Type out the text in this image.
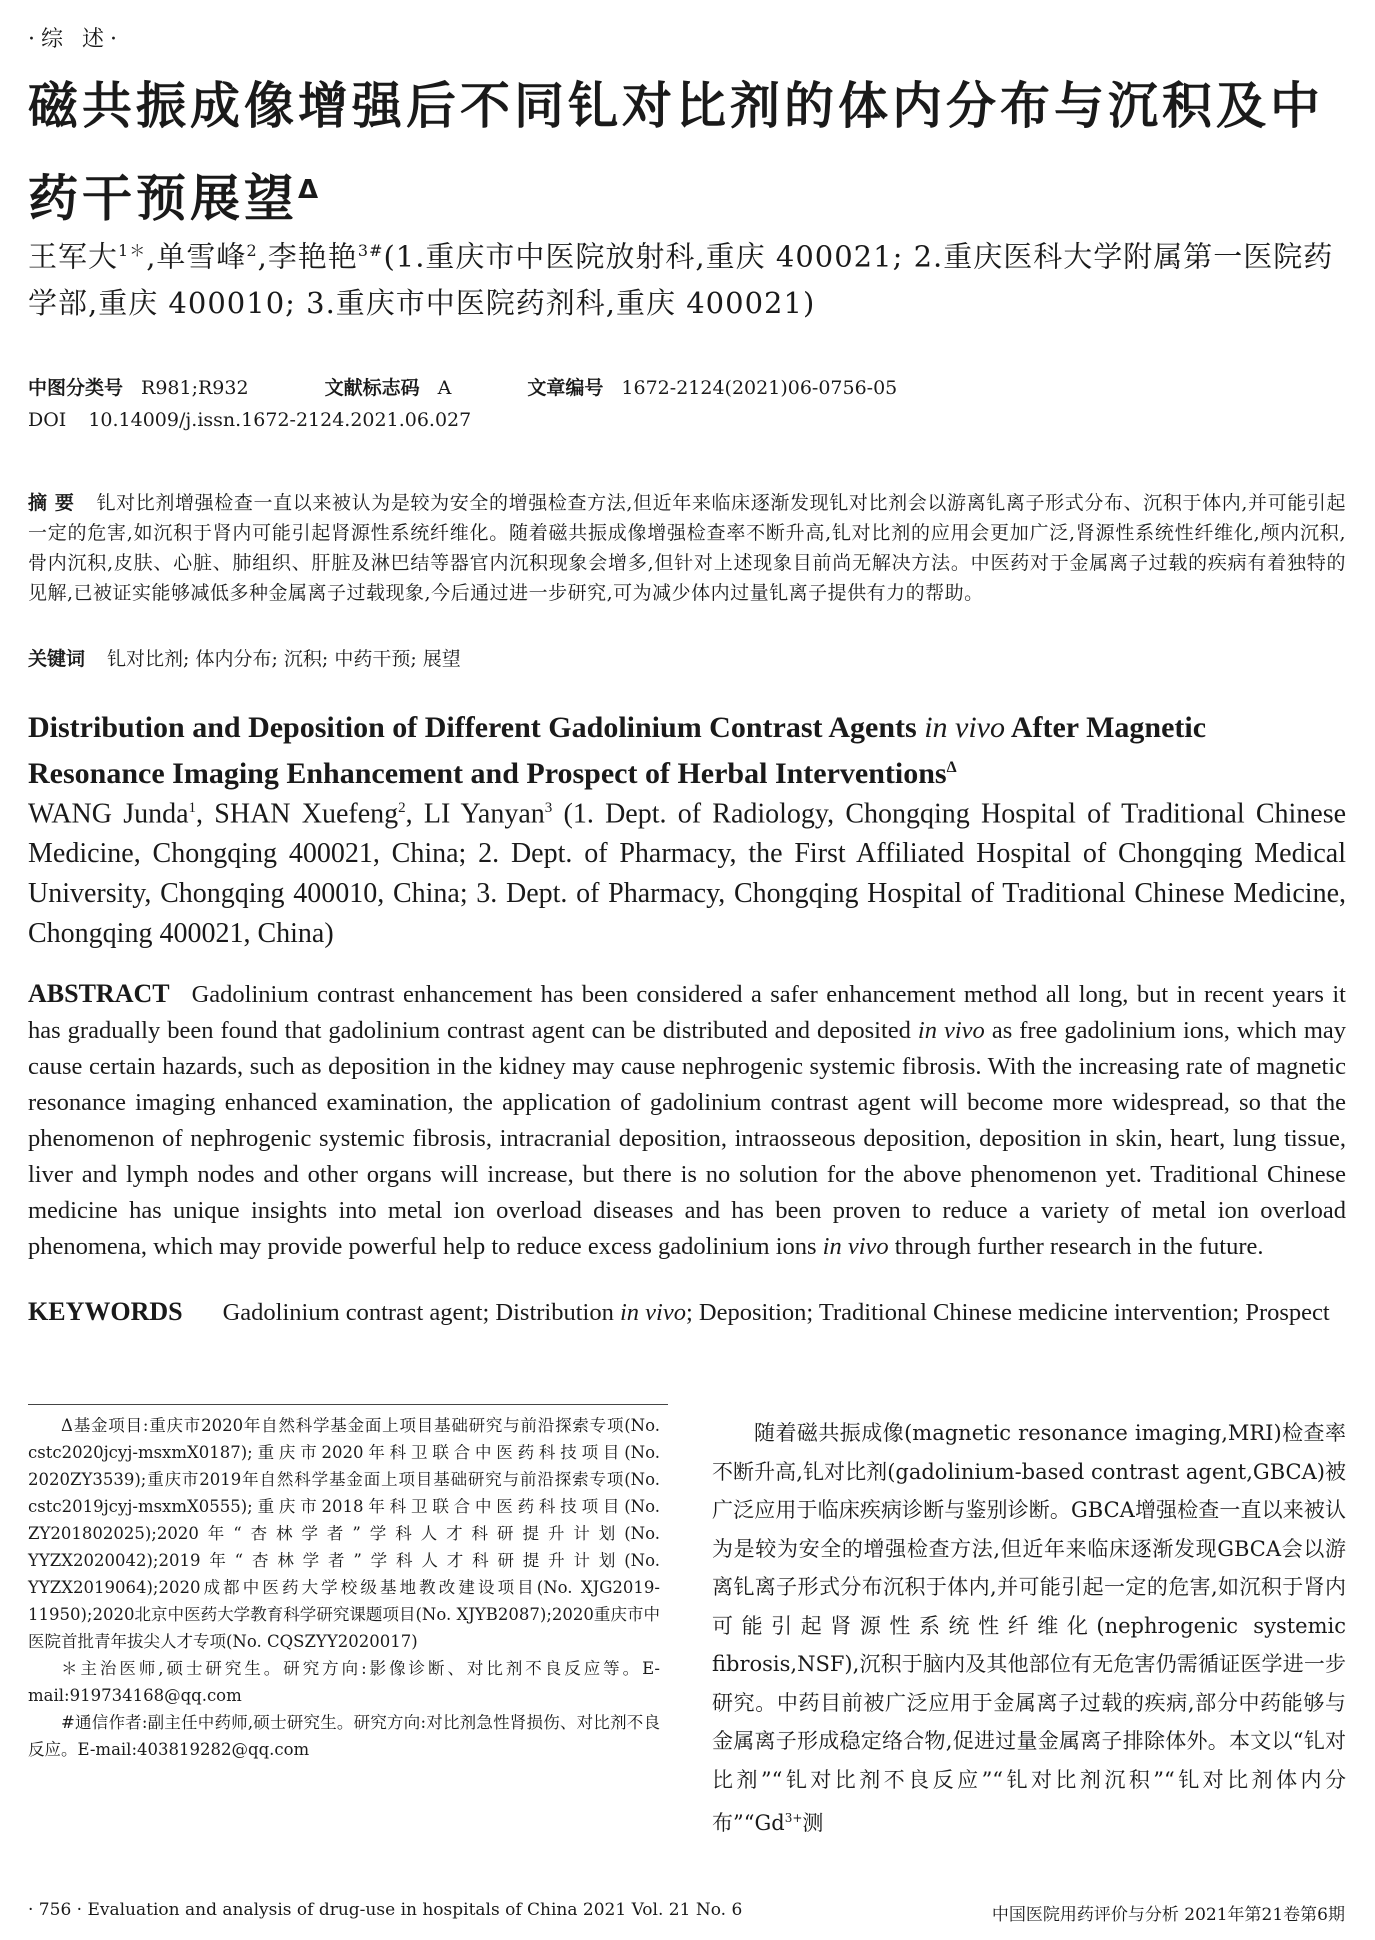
·综 述·
磁共振成像增强后不同钆对比剂的体内分布与沉积及中药干预展望$^\Delta$
王军大$^{1*}$,单雪峰$^2$,李艳艳$^{3\#}$(1.重庆市中医院放射科,重庆 400021; 2.重庆医科大学附属第一医院药学部,重庆 400010; 3.重庆市中医院药剂科,重庆 400021)
中图分类号 R981;R932	文献标志码 A	文章编号 1672-2124(2021)06-0756-05
DOI 10.14009/j.issn.1672-2124.2021.06.027
摘 要 钆对比剂增强检查一直以来被认为是较为安全的增强检查方法,但近年来临床逐渐发现钆对比剂会以游离钆离子形式分布、沉积于体内,并可能引起一定的危害,如沉积于肾内可能引起肾源性系统纤维化。随着磁共振成像增强检查率不断升高,钆对比剂的应用会更加广泛,肾源性系统性纤维化,颅内沉积,骨内沉积,皮肤、心脏、肺组织、肝脏及淋巴结等器官内沉积现象会增多,但针对上述现象目前尚无解决方法。中医药对于金属离子过载的疾病有着独特的见解,已被证实能够减低多种金属离子过载现象,今后通过进一步研究,可为减少体内过量钆离子提供有力的帮助。
关键词 钆对比剂; 体内分布; 沉积; 中药干预; 展望
Distribution and Deposition of Different Gadolinium Contrast Agents in vivo After Magnetic Resonance Imaging Enhancement and Prospect of Herbal Interventions$^\Delta$
WANG Junda$^1$, SHAN Xuefeng$^2$, LI Yanyan$^3$ (1. Dept. of Radiology, Chongqing Hospital of Traditional Chinese Medicine, Chongqing 400021, China; 2. Dept. of Pharmacy, the First Affiliated Hospital of Chongqing Medical University, Chongqing 400010, China; 3. Dept. of Pharmacy, Chongqing Hospital of Traditional Chinese Medicine, Chongqing 400021, China)
ABSTRACT Gadolinium contrast enhancement has been considered a safer enhancement method all long, but in recent years it has gradually been found that gadolinium contrast agent can be distributed and deposited in vivo as free gadolinium ions, which may cause certain hazards, such as deposition in the kidney may cause nephrogenic systemic fibrosis. With the increasing rate of magnetic resonance imaging enhanced examination, the application of gadolinium contrast agent will become more widespread, so that the phenomenon of nephrogenic systemic fibrosis, intracranial deposition, intraosseous deposition, deposition in skin, heart, lung tissue, liver and lymph nodes and other organs will increase, but there is no solution for the above phenomenon yet. Traditional Chinese medicine has unique insights into metal ion overload diseases and has been proven to reduce a variety of metal ion overload phenomena, which may provide powerful help to reduce excess gadolinium ions in vivo through further research in the future.
KEYWORDS Gadolinium contrast agent; Distribution in vivo; Deposition; Traditional Chinese medicine intervention; Prospect

Δ基金项目:重庆市2020年自然科学基金面上项目基础研究与前沿探索专项(No. cstc2020jcyj-msxmX0187);重庆市2020年科卫联合中医药科技项目(No. 2020ZY3539);重庆市2019年自然科学基金面上项目基础研究与前沿探索专项(No. cstc2019jcyj-msxmX0555);重庆市2018年科卫联合中医药科技项目(No. ZY201802025);2020年“杏林学者”学科人才科研提升计划(No. YYZX2020042);2019年“杏林学者”学科人才科研提升计划(No. YYZX2019064);2020成都中医药大学校级基地教改建设项目(No. XJG2019-11950);2020北京中医药大学教育科学研究课题项目(No. XJYB2087);2020重庆市中医院首批青年拔尖人才专项(No. CQSZYY2020017)

＊主治医师,硕士研究生。研究方向:影像诊断、对比剂不良反应等。E-mail:919734168@qq.com

#通信作者:副主任中药师,硕士研究生。研究方向:对比剂急性肾损伤、对比剂不良反应。E-mail:403819282@qq.com

随着磁共振成像(magnetic resonance imaging,MRI)检查率不断升高,钆对比剂(gadolinium-based contrast agent,GBCA)被广泛应用于临床疾病诊断与鉴别诊断。GBCA增强检查一直以来被认为是较为安全的增强检查方法,但近年来临床逐渐发现GBCA会以游离钆离子形式分布沉积于体内,并可能引起一定的危害,如沉积于肾内可能引起肾源性系统性纤维化(nephrogenic systemic fibrosis,NSF),沉积于脑内及其他部位有无危害仍需循证医学进一步研究。中药目前被广泛应用于金属离子过载的疾病,部分中药能够与金属离子形成稳定络合物,促进过量金属离子排除体外。本文以“钆对比剂”“钆对比剂不良反应”“钆对比剂沉积”“钆对比剂体内分布$”“Gd^{3+}$测

· 756 · Evaluation and analysis of drug-use in hospitals of China 2021 Vol. 21 No. 6	中国医院用药评价与分析 2021年第21卷第6期
